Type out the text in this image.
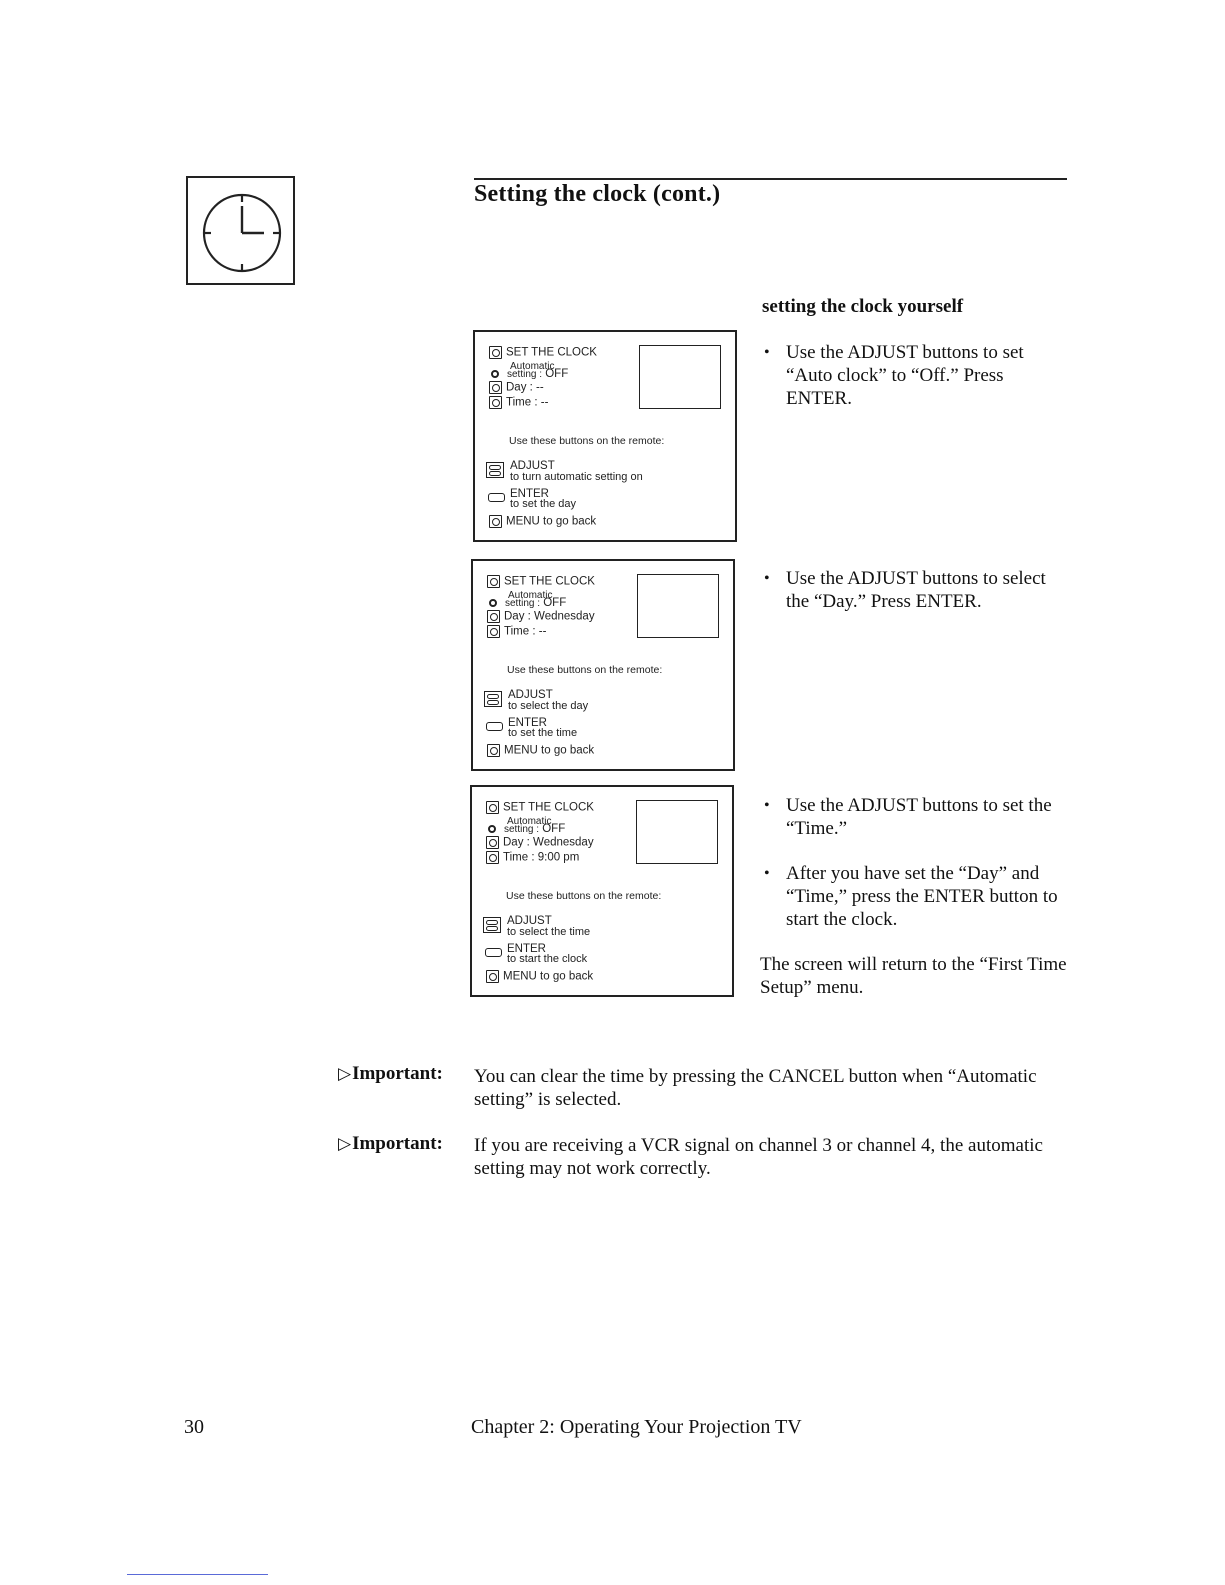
Setting the clock (cont.)
setting the clock yourself
SET THE CLOCK
Automatic
setting : OFF
Day : --
Time : --
Use these buttons on the remote:
ADJUST
to turn automatic setting on
ENTER
to set the day
MENU to go back
SET THE CLOCK
Automatic
setting : OFF
Day : Wednesday
Time : --
Use these buttons on the remote:
ADJUST
to select the day
ENTER
to set the time
MENU to go back
SET THE CLOCK
Automatic
setting : OFF
Day : Wednesday
Time : 9:00 pm
Use these buttons on the remote:
ADJUST
to select the time
ENTER
to start the clock
MENU to go back
• Use the ADJUST buttons to set “Auto clock” to “Off.” Press ENTER.
• Use the ADJUST buttons to select the “Day.” Press ENTER.
• Use the ADJUST buttons to set the “Time.”
• After you have set the “Day” and “Time,” press the ENTER button to start the clock.
The screen will return to the “First Time Setup” menu.
▷Important: You can clear the time by pressing the CANCEL button when “Automatic setting” is selected.
▷Important: If you are receiving a VCR signal on channel 3 or channel 4, the automatic setting may not work correctly.
30	Chapter 2: Operating Your Projection TV
